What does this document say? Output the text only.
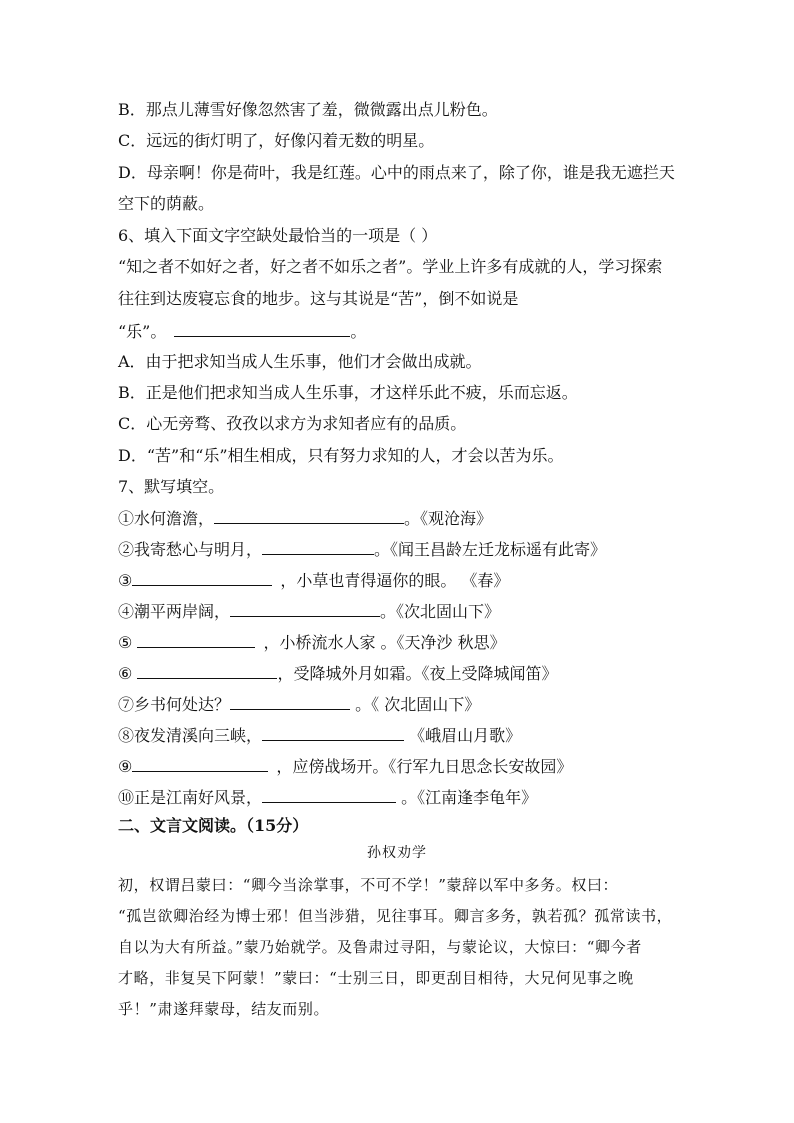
B．那点儿薄雪好像忽然害了羞，微微露出点儿粉色。
C．远远的街灯明了，好像闪着无数的明星。
D．母亲啊！你是荷叶，我是红莲。心中的雨点来了，除了你，谁是我无遮拦天
空下的荫蔽。
6、填入下面文字空缺处最恰当的一项是（ ）
“知之者不如好之者，好之者不如乐之者”。学业上许多有成就的人，学习探索
往往到达废寝忘食的地步。这与其说是“苦”，倒不如说是
“乐”。	。
A．由于把求知当成人生乐事，他们才会做出成就。
B．正是他们把求知当成人生乐事，才这样乐此不疲，乐而忘返。
C．心无旁骛、孜孜以求方为求知者应有的品质。
D．“苦”和“乐”相生相成，只有努力求知的人，才会以苦为乐。
7、默写填空。
①水何澹澹，	。《观沧海》
②我寄愁心与明月，	。《闻王昌龄左迁龙标遥有此寄》
③	，小草也青得逼你的眼。 《春》
④潮平两岸阔，	。《次北固山下》
⑤	，小桥流水人家 。《天净沙 秋思》
⑥	，受降城外月如霜。《夜上受降城闻笛》
⑦乡书何处达？	。《 次北固山下》
⑧夜发清溪向三峡，	《峨眉山月歌》
⑨	，应傍战场开。《行军九日思念长安故园》
⑩正是江南好风景，	。《江南逢李龟年》
二、文言文阅读。（15分）
孙权劝学
初，权谓吕蒙曰：“卿今当涂掌事，不可不学！”蒙辞以军中多务。权曰：
“孤岂欲卿治经为博士邪！但当涉猎，见往事耳。卿言多务，孰若孤？孤常读书，
自以为大有所益。”蒙乃始就学。及鲁肃过寻阳，与蒙论议，大惊曰：“卿今者
才略，非复吴下阿蒙！”蒙曰：“士别三日，即更刮目相待，大兄何见事之晚
乎！”肃遂拜蒙母，结友而别。
